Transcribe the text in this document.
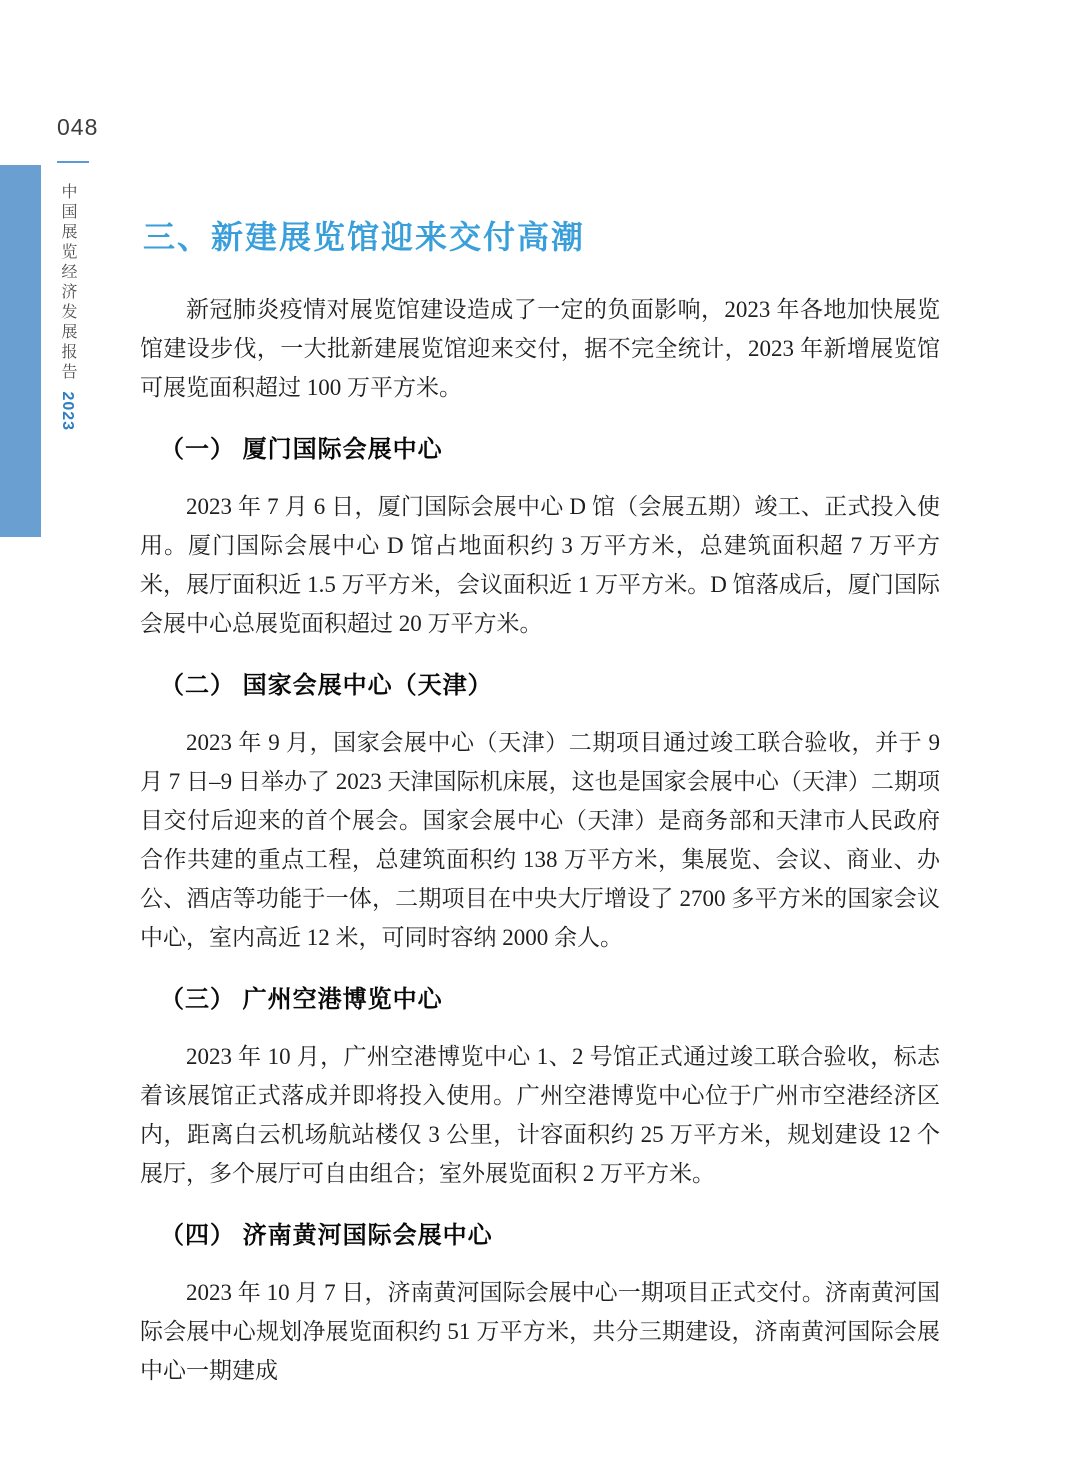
048
中国展览经济发展报告 2023
三、新建展览馆迎来交付高潮

新冠肺炎疫情对展览馆建设造成了一定的负面影响，2023 年各地加快展览馆建设步伐，一大批新建展览馆迎来交付，据不完全统计，2023 年新增展览馆可展览面积超过 100 万平方米。

（一） 厦门国际会展中心

2023 年 7 月 6 日，厦门国际会展中心 D 馆（会展五期）竣工、正式投入使用。厦门国际会展中心 D 馆占地面积约 3 万平方米，总建筑面积超 7 万平方米，展厅面积近 1.5 万平方米，会议面积近 1 万平方米。D 馆落成后，厦门国际会展中心总展览面积超过 20 万平方米。

（二） 国家会展中心（天津）

2023 年 9 月，国家会展中心（天津）二期项目通过竣工联合验收，并于 9 月 7 日–9 日举办了 2023 天津国际机床展，这也是国家会展中心（天津）二期项目交付后迎来的首个展会。国家会展中心（天津）是商务部和天津市人民政府合作共建的重点工程，总建筑面积约 138 万平方米，集展览、会议、商业、办公、酒店等功能于一体，二期项目在中央大厅增设了 2700 多平方米的国家会议中心，室内高近 12 米，可同时容纳 2000 余人。

（三） 广州空港博览中心

2023 年 10 月，广州空港博览中心 1、2 号馆正式通过竣工联合验收，标志着该展馆正式落成并即将投入使用。广州空港博览中心位于广州市空港经济区内，距离白云机场航站楼仅 3 公里，计容面积约 25 万平方米，规划建设 12 个展厅，多个展厅可自由组合；室外展览面积 2 万平方米。

（四） 济南黄河国际会展中心

2023 年 10 月 7 日，济南黄河国际会展中心一期项目正式交付。济南黄河国际会展中心规划净展览面积约 51 万平方米，共分三期建设，济南黄河国际会展中心一期建成
